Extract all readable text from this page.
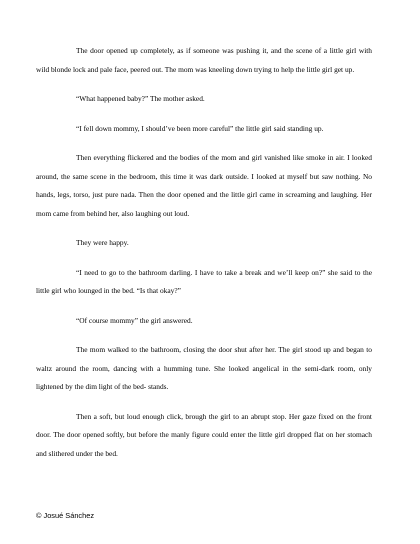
The door opened up completely, as if someone was pushing it, and the scene of a little girl with wild blonde lock and pale face, peered out. The mom was kneeling down trying to help the little girl get up.

“What happened baby?” The mother asked.

“I fell down mommy, I should’ve been more careful” the little girl said standing up.

Then everything flickered and the bodies of the mom and girl vanished like smoke in air. I looked around, the same scene in the bedroom, this time it was dark outside. I looked at myself but saw nothing. No hands, legs, torso, just pure nada. Then the door opened and the little girl came in screaming and laughing. Her mom came from behind her, also laughing out loud.

They were happy.

“I need to go to the bathroom darling. I have to take a break and we’ll keep on?” she said to the little girl who lounged in the bed. “Is that okay?”

“Of course mommy” the girl answered.

The mom walked to the bathroom, closing the door shut after her. The girl stood up and began to waltz around the room, dancing with a humming tune. She looked angelical in the semi-dark room, only lightened by the dim light of the bed- stands.

Then a soft, but loud enough click, brough the girl to an abrupt stop. Her gaze fixed on the front door. The door opened softly, but before the manly figure could enter the little girl dropped flat on her stomach and slithered under the bed.

© Josué Sánchez
